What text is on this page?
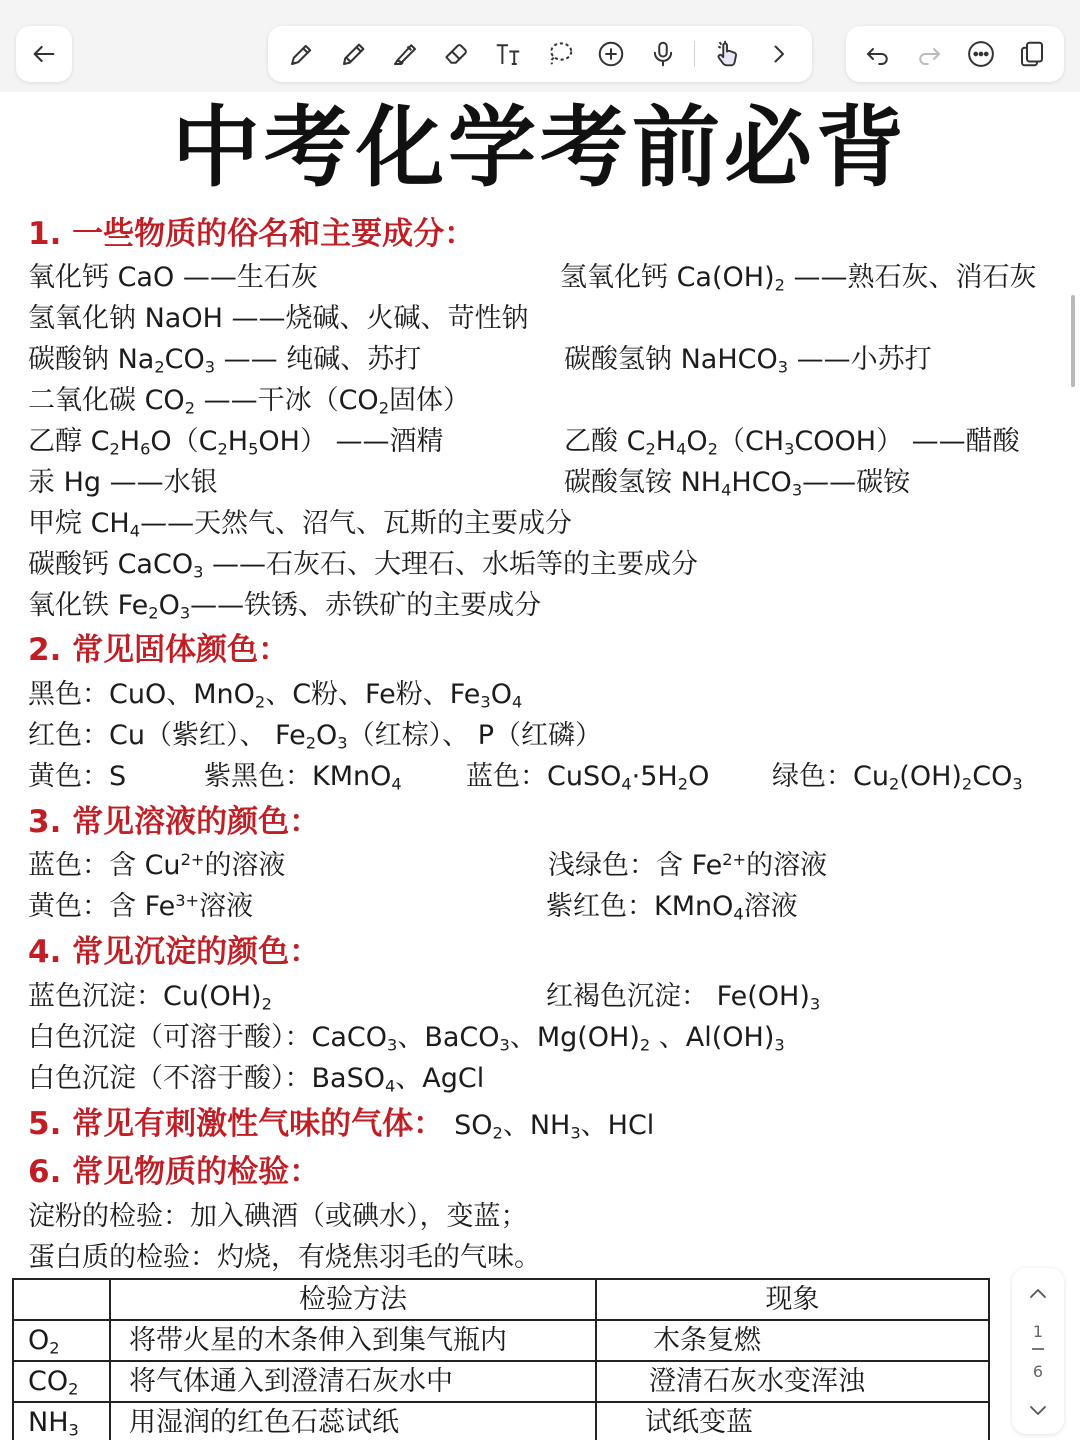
中考化学考前必背
1. 一些物质的俗名和主要成分：
氧化钙 CaO ——生石灰	氢氧化钙 $Ca(OH)_2$ ——熟石灰、消石灰
氢氧化钠 NaOH ——烧碱、火碱、苛性钠
碳酸钠 $Na_2CO_3$ —— 纯碱、苏打	碳酸氢钠 NaHCO$_3$ ——小苏打
二氧化碳 $CO_2$ ——干冰（$CO_2$固体）
乙醇 $C_2H_6O(C_2H_5OH)$ ——酒精	乙酸 $C_2H_4O_2(CH_3COOH)$ ——醋酸
汞 Hg ——水银	碳酸氢铵 $NH_4HCO_3——$碳铵
甲烷 $CH_4——$天然气、沼气、瓦斯的主要成分
碳酸钙 CaCO$_3$ ——石灰石、大理石、水垢等的主要成分
氧化铁 $Fe_2O_3——$铁锈、赤铁矿的主要成分
2. 常见固体颜色：
黑色：CuO、MnO$_2$、C粉、Fe粉、$Fe_3O_4$
红色：Cu（紫红）、 $Fe_2O_3$（红棕）、 P（红磷）
黄色：S	紫黑色：KMnO$_4$ 蓝色：$CuSO_4\cdot 5H_2O$ 绿色：$Cu_2(OH)_2CO_3$
3. 常见溶液的颜色：
蓝色：含 $Cu^{2+}$的溶液	浅绿色：含 $Fe^{2+}$的溶液
黄色：含 $Fe^{3+}$溶液	紫红色：KMnO$_4$溶液
4. 常见沉淀的颜色：
蓝色沉淀：$Cu(OH)_2$	红褐色沉淀： $Fe(OH)_3$
白色沉淀（可溶于酸）：CaCO$_3$、BaCO$_3$、$Mg(OH)_2$ 、$Al(OH)_3$
白色沉淀（不溶于酸）：BaSO$_4$、AgCl
5. 常见有刺激性气味的气体： $SO_2$、$NH_3$、HCl
6. 常见物质的检验：
淀粉的检验：加入碘酒（或碘水），变蓝；
蛋白质的检验：灼烧，有烧焦羽毛的气味。
	检验方法	现象
$O_2$	将带火星的木条伸入到集气瓶内	木条复燃
$CO_2$	将气体通入到澄清石灰水中	澄清石灰水变浑浊
$NH_3$	用湿润的红色石蕊试纸	试纸变蓝
1
6
